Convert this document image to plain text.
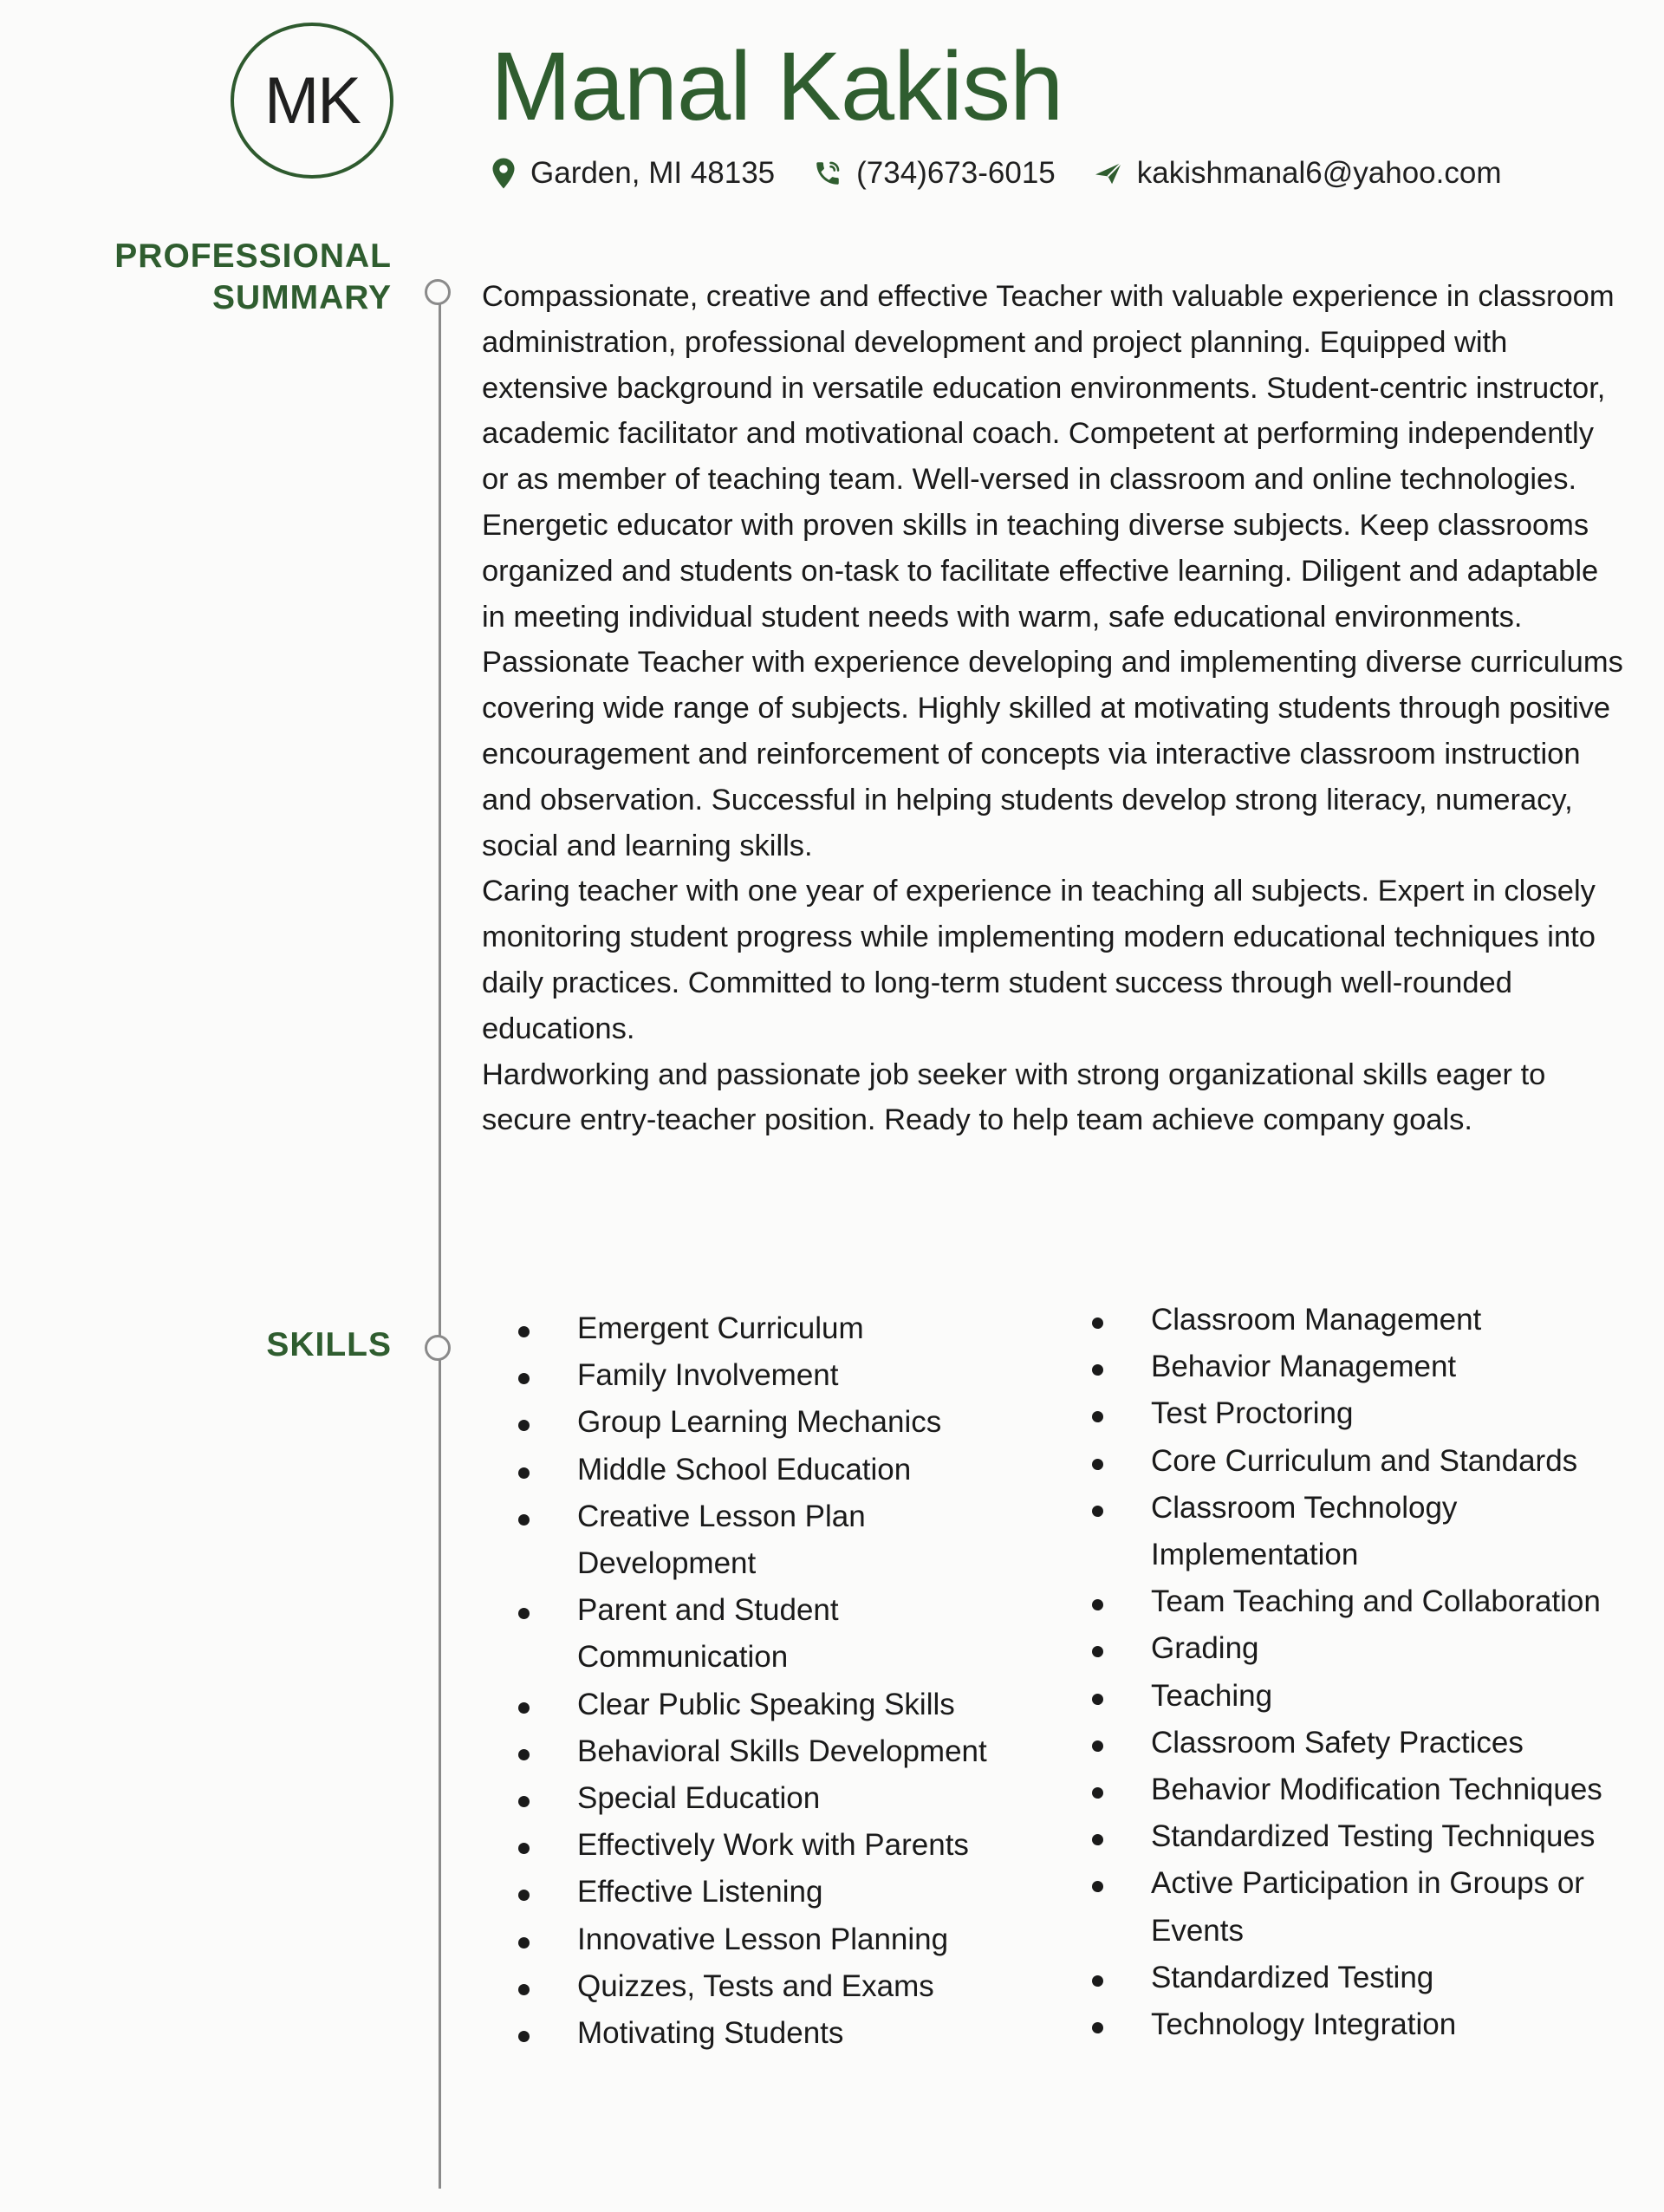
MK Manal Kakish
Garden, MI 48135	(734)673-6015	kakishmanal6@yahoo.com
PROFESSIONAL
SUMMARY	Compassionate, creative and effective Teacher with valuable experience in classroom administration, professional development and project planning. Equipped with extensive background in versatile education environments. Student-centric instructor, academic facilitator and motivational coach. Competent at performing independently or as member of teaching team. Well-versed in classroom and online technologies.

Energetic educator with proven skills in teaching diverse subjects. Keep classrooms organized and students on-task to facilitate effective learning. Diligent and adaptable in meeting individual student needs with warm, safe educational environments.

Passionate Teacher with experience developing and implementing diverse curriculums covering wide range of subjects. Highly skilled at motivating students through positive encouragement and reinforcement of concepts via interactive classroom instruction and observation. Successful in helping students develop strong literacy, numeracy, social and learning skills.

Caring teacher with one year of experience in teaching all subjects. Expert in closely monitoring student progress while implementing modern educational techniques into daily practices. Committed to long-term student success through well-rounded educations.

Hardworking and passionate job seeker with strong organizational skills eager to secure entry-teacher position. Ready to help team achieve company goals.

SKILLS	Emergent Curriculum
Family Involvement
Group Learning Mechanics
Middle School Education
Creative Lesson Plan Development
Parent and Student Communication
Clear Public Speaking Skills
Behavioral Skills Development
Special Education
Effectively Work with Parents
Effective Listening
Innovative Lesson Planning
Quizzes, Tests and Exams
Motivating Students
Classroom Management
Behavior Management
Test Proctoring
Core Curriculum and Standards
Classroom Technology Implementation
Team Teaching and Collaboration
Grading
Teaching
Classroom Safety Practices
Behavior Modification Techniques
Standardized Testing Techniques
Active Participation in Groups or Events
Standardized Testing
Technology Integration
